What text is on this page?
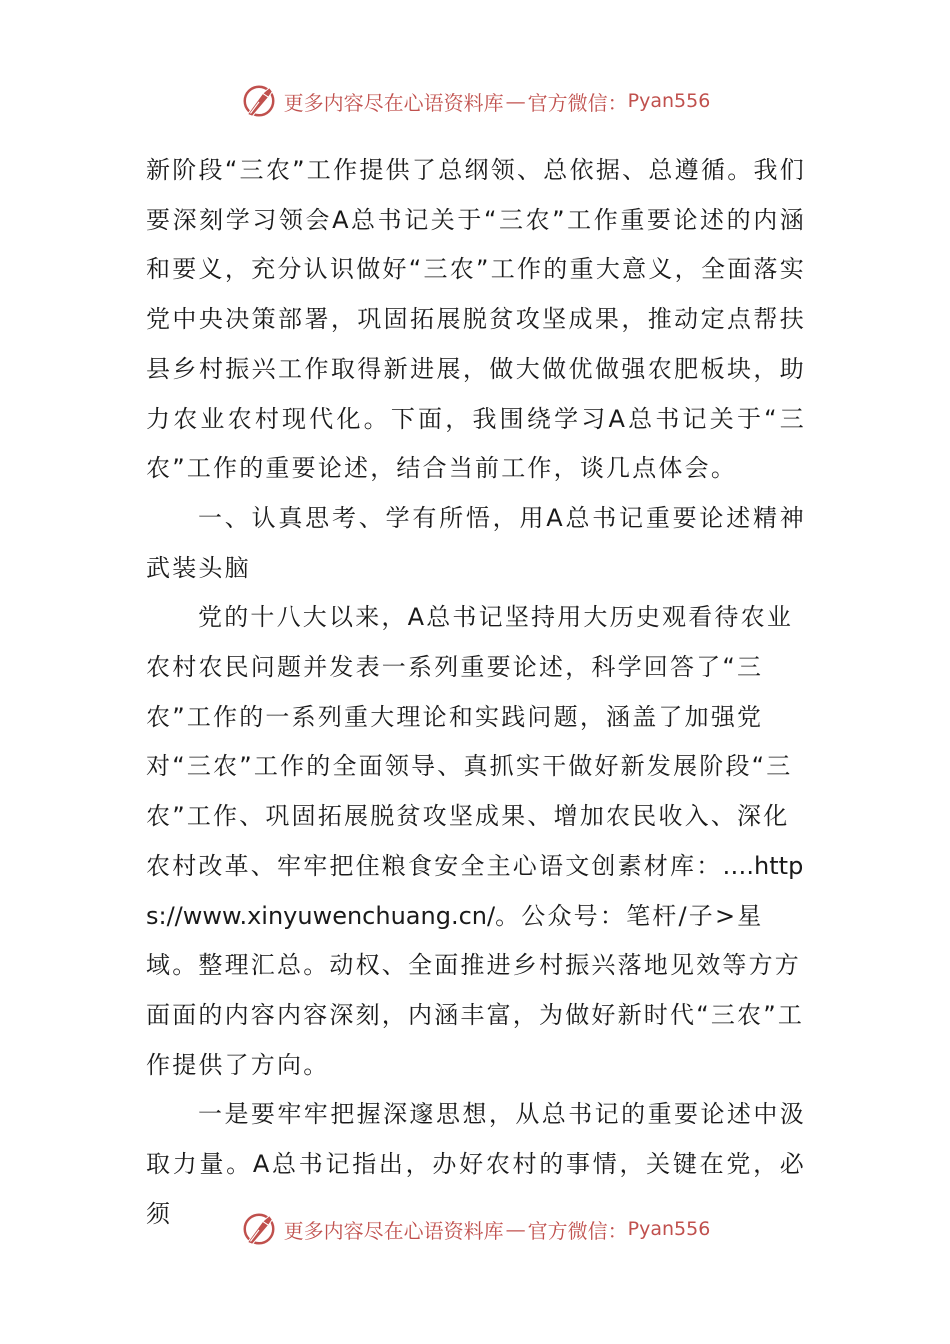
更多内容尽在心语资料库 — 官方微信： Pyan556

新阶段“三农”工作提供了总纲领、总依据、总遵循。我们要深刻学习领会A总书记关于“三农”工作重要论述的内涵和要义，充分认识做好“三农”工作的重大意义，全面落实党中央决策部署，巩固拓展脱贫攻坚成果，推动定点帮扶县乡村振兴工作取得新进展，做大做优做强农肥板块，助力农业农村现代化。下面，我围绕学习A总书记关于“三农”工作的重要论述，结合当前工作，谈几点体会。

一、认真思考、学有所悟，用A总书记重要论述精神武装头脑

党的十八大以来，A总书记坚持用大历史观看待农业农村农民问题并发表一系列重要论述，科学回答了“三农”工作的一系列重大理论和实践问题，涵盖了加强党对“三农”工作的全面领导、真抓实干做好新发展阶段“三农”工作、巩固拓展脱贫攻坚成果、增加农民收入、深化农村改革、牢牢把住粮食安全主心语文创素材库：….https://www.xinyuwenchuang.cn/。公众号：笔杆/子>星域。整理汇总。动权、全面推进乡村振兴落地见效等方方面面的内容内容深刻，内涵丰富，为做好新时代“三农”工作提供了方向。

一是要牢牢把握深邃思想，从总书记的重要论述中汲取力量。A总书记指出，办好农村的事情，关键在党，必须

更多内容尽在心语资料库 — 官方微信： Pyan556
